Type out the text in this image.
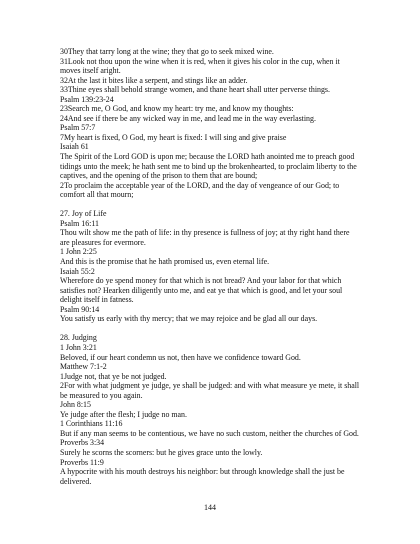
30They that tarry long at the wine; they that go to seek mixed wine.

31Look not thou upon the wine when it is red, when it gives his color in the cup, when it moves itself aright.

32At the last it bites like a serpent, and stings like an adder.

33Thine eyes shall behold strange women, and thane heart shall utter perverse things.

Psalm 139:23-24

23Search me, O God, and know my heart: try me, and know my thoughts:

24And see if there be any wicked way in me, and lead me in the way everlasting.

Psalm 57:7

7My heart is fixed, O God, my heart is fixed: I will sing and give praise

Isaiah 61

The Spirit of the Lord GOD is upon me; because the LORD hath anointed me to preach good tidings unto the meek; he hath sent me to bind up the brokenhearted, to proclaim liberty to the captives, and the opening of the prison to them that are bound;

2To proclaim the acceptable year of the LORD, and the day of vengeance of our God; to comfort all that mourn;

27. Joy of Life

Psalm 16:11

Thou wilt show me the path of life: in thy presence is fullness of joy; at thy right hand there are pleasures for evermore.

1 John 2:25

And this is the promise that he hath promised us, even eternal life.

Isaiah 55:2

Wherefore do ye spend money for that which is not bread? And your labor for that which satisfies not? Hearken diligently unto me, and eat ye that which is good, and let your soul delight itself in fatness.

Psalm 90:14

You satisfy us early with thy mercy; that we may rejoice and be glad all our days.

28. Judging

1 John 3:21

Beloved, if our heart condemn us not, then have we confidence toward God.

Matthew 7:1-2

1Judge not, that ye be not judged.

2For with what judgment ye judge, ye shall be judged: and with what measure ye mete, it shall be measured to you again.

John 8:15

Ye judge after the flesh; I judge no man.

1 Corinthians 11:16

But if any man seems to be contentious, we have no such custom, neither the churches of God.

Proverbs 3:34

Surely he scorns the scorners: but he gives grace unto the lowly.

Proverbs 11:9

A hypocrite with his mouth destroys his neighbor: but through knowledge shall the just be delivered.

144
